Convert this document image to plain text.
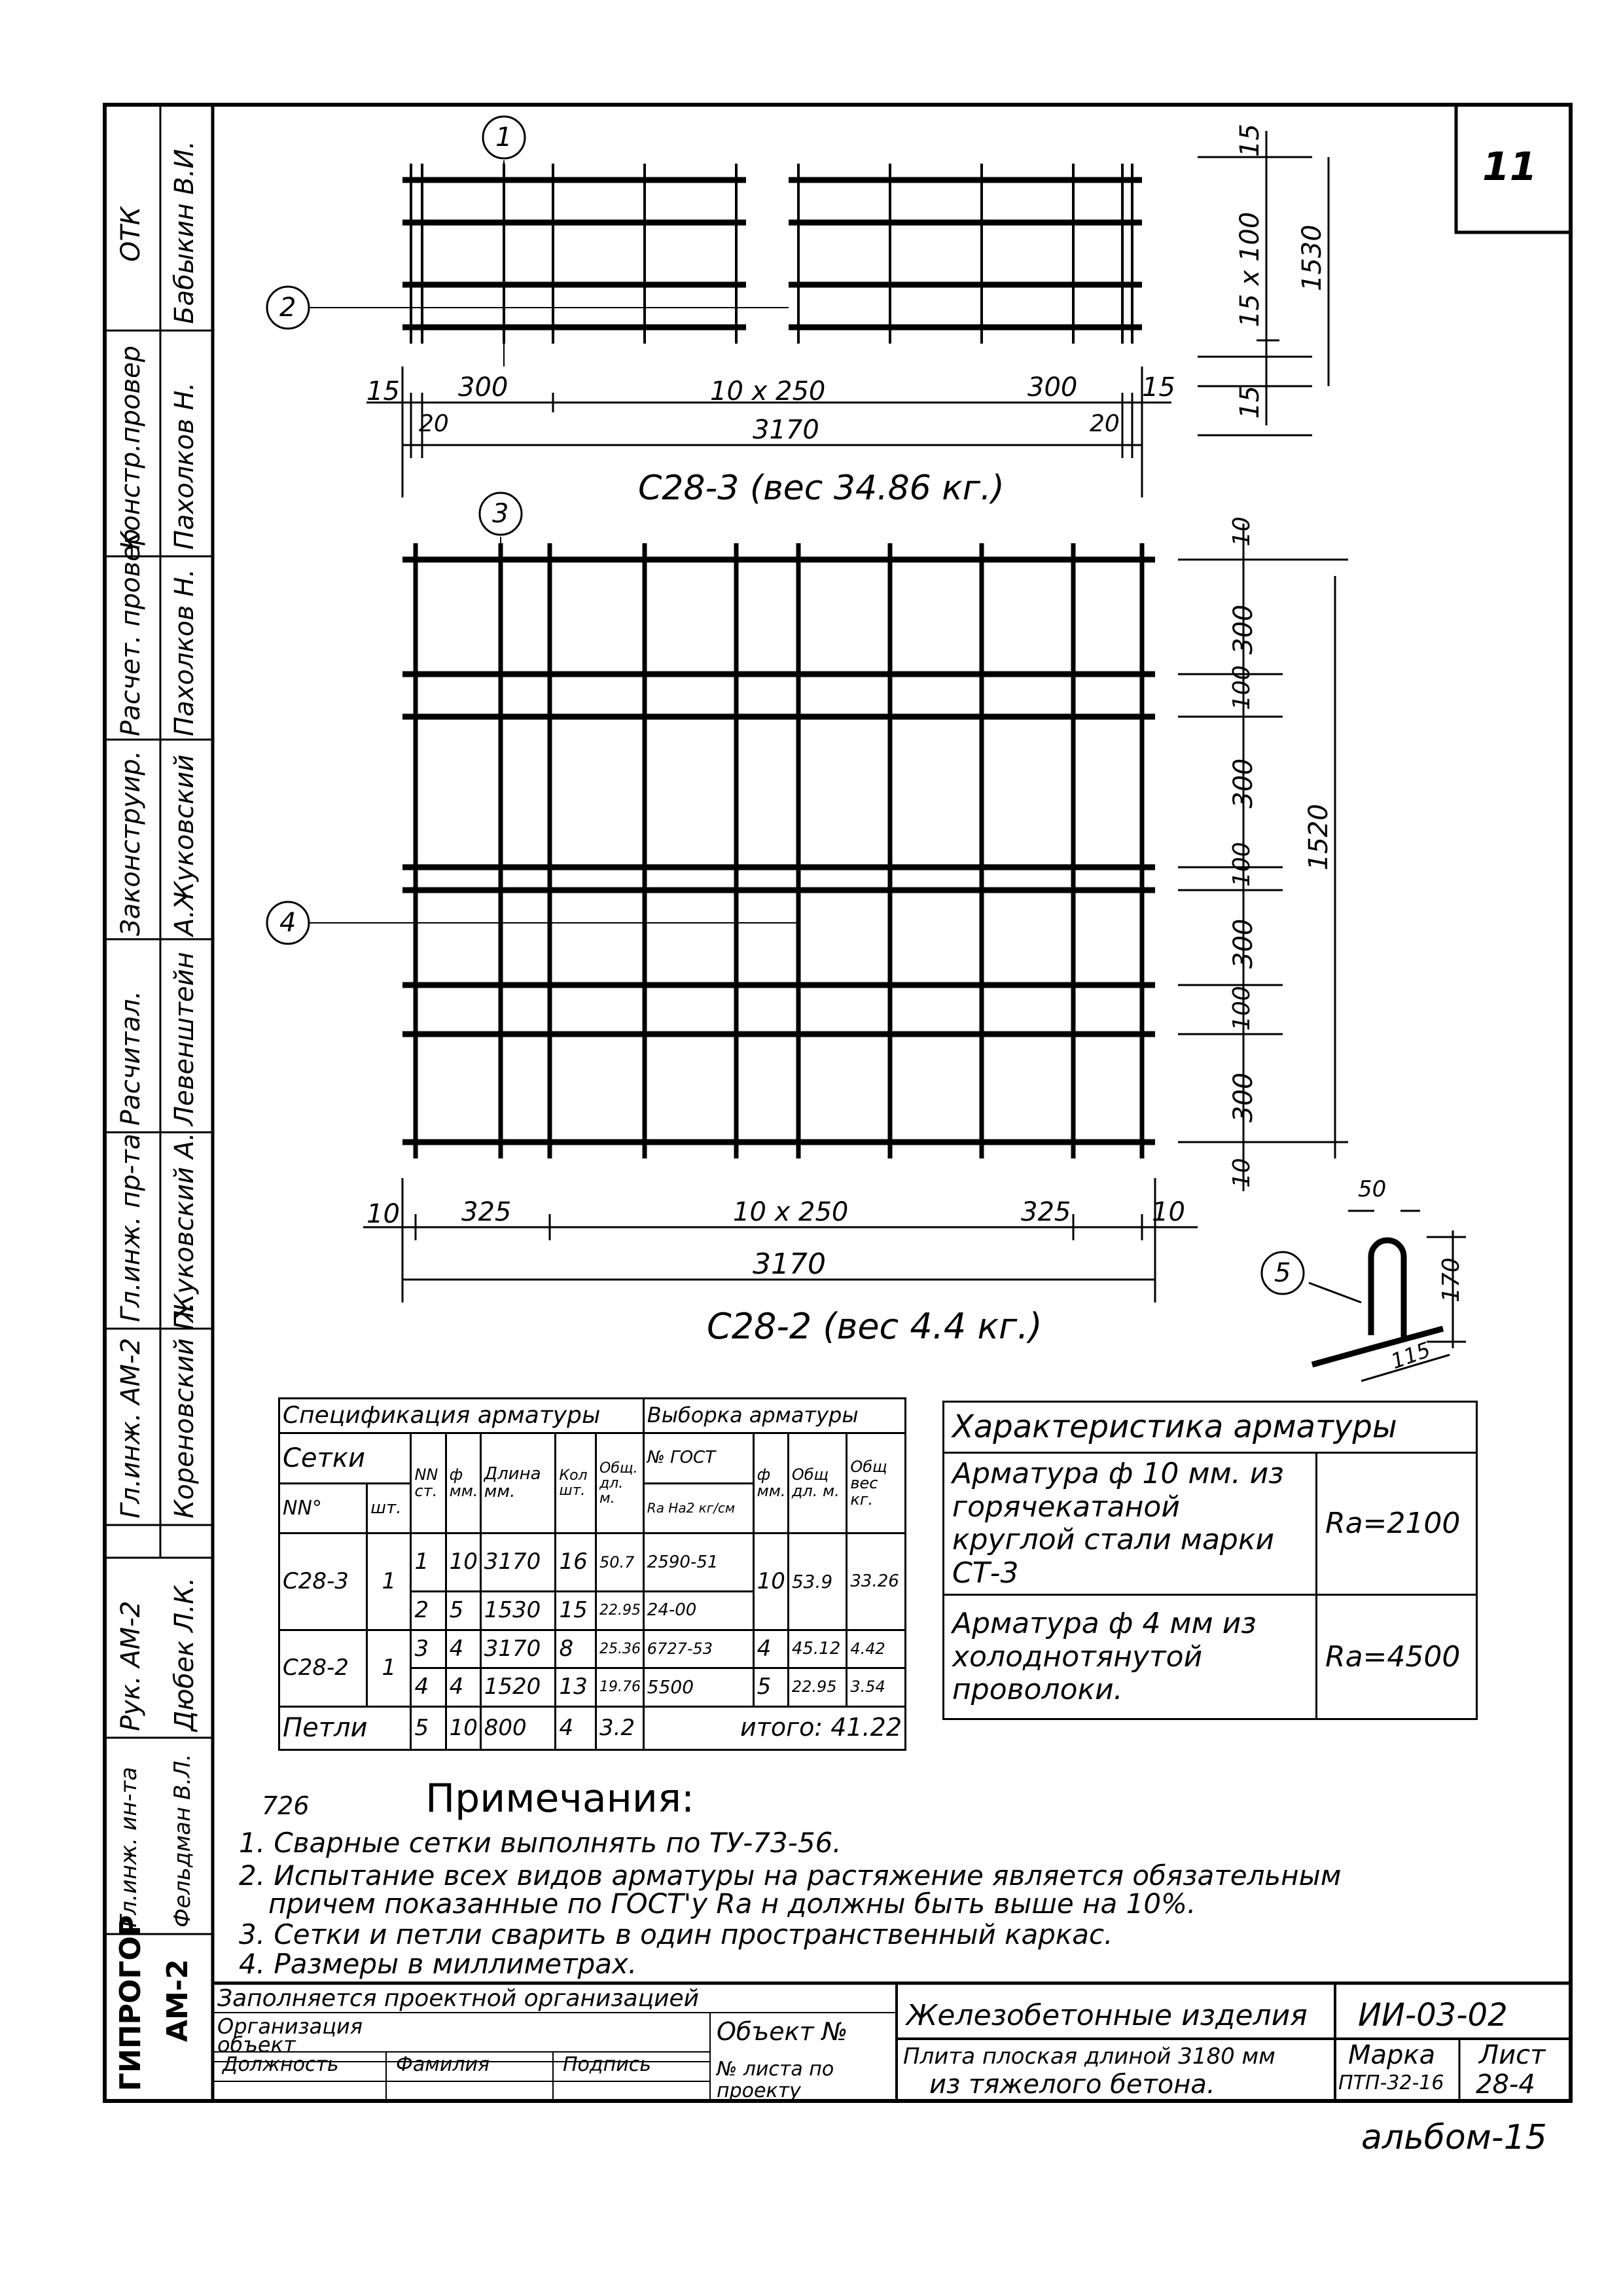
11
ОТК Бабыкин В.И.
Констр.провер Пахолков Н.
Расчет. провер Пахолков Н.
Законструир. А.Жуковский
Расчитал. Левенштейн
Гл.инж. пр-та Жуковский А.
Гл.инж. АМ-2 Кореновский П.
Рук. АМ-2 Дюбек Л.К.
Гл.инж. ин-та Фельдман В.Л.
ГИПРОГОР АМ-2
1
2
15 300	10 x 250	300 15
20	20
3170
С28-3 (вес 34.86 кг.)
15
15 x 100
15
1530
3
4
10 325	10 x 250	325	10
3170
С28-2 (вес 4.4 кг.)
10
300
100
300
100
300
100
300
10
1520
5
50
170
115
Спецификация арматуры							Выборка арматуры			
Сетки		NN ст.	ф мм.	Длина мм.	Кол шт.	Общ. дл. м.	№ ГОСТ	ф мм.	Общ дл. м.	Общ вес кг.
NN°	шт.						Ra Hа2 кг/см			
С28-3	1	1	10	3170	16	50.7	2590-51	10	53.9	33.26
		2	5	1530	15	22.95	24-00			
С28-2	1	3	4	3170	8	25.36	6727-53	4	45.12	4.42
		4	4	1520	13	19.76	5500	5	22.95	3.54
Петли		5	10	800	4	3.2	итого: 41.22			
Характеристика арматуры	
Арматура ф 10 мм. из горячекатаной круглой стали марки СТ-3	Ra=2100
Арматура ф 4 мм из холоднотянутой проволоки.	Ra=4500
726	Примечания:
1. Сварные сетки выполнять по ТУ-73-56.
2. Испытание всех видов арматуры на растяжение является обязательным
причем показанные по ГОСТ'у Ra н должны быть выше на 10%.
3. Сетки и петли сварить в один пространственный каркас.
4. Размеры в миллиметрах.
Заполняется проектной организацией
Организация
объект	Объект №
Должность	Фамилия	Подпись	№ листа по проекту
Железобетонные изделия ИИ-03-02
Плита плоская длиной 3180 мм
из тяжелого бетона.
Марка
ПТП-32-16
Лист
28-4
альбом-15
